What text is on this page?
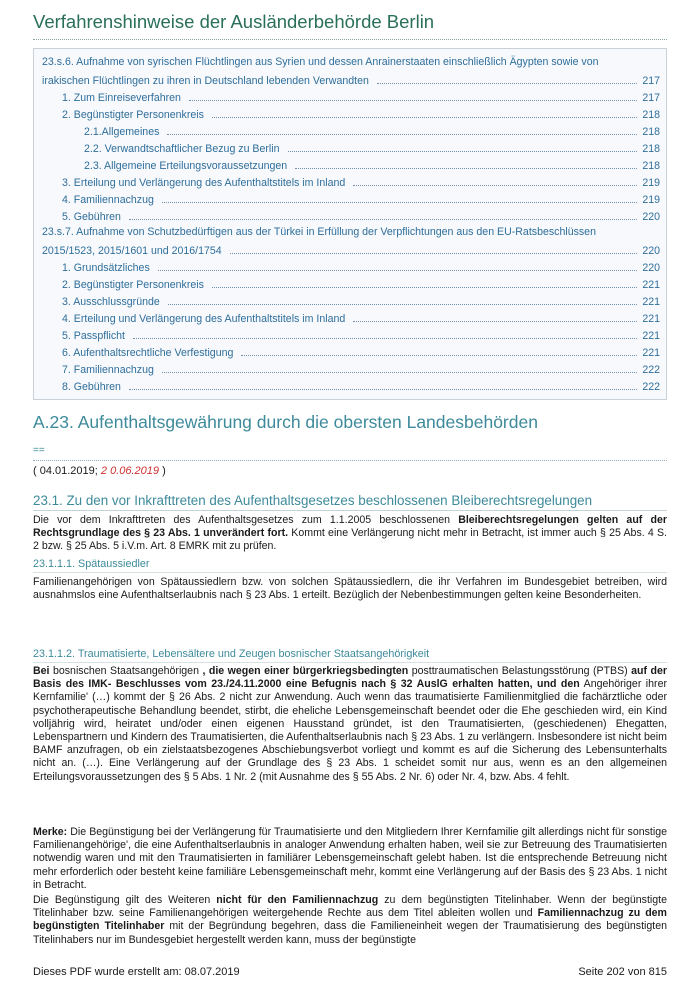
Verfahrenshinweise der Ausländerbehörde Berlin
23.s.6. Aufnahme von syrischen Flüchtlingen aus Syrien und dessen Anrainerstaaten einschließlich Ägypten sowie von
irakischen Flüchtlingen zu ihren in Deutschland lebenden Verwandten	217
1. Zum Einreiseverfahren	217
2. Begünstigter Personenkreis	218
2.1.Allgemeines	218
2.2. Verwandtschaftlicher Bezug zu Berlin	218
2.3. Allgemeine Erteilungsvoraussetzungen	218
3. Erteilung und Verlängerung des Aufenthaltstitels im Inland	219
4. Familiennachzug	219
5. Gebühren	220
23.s.7. Aufnahme von Schutzbedürftigen aus der Türkei in Erfüllung der Verpflichtungen aus den EU-Ratsbeschlüssen
2015/1523, 2015/1601 und 2016/1754	220
1. Grundsätzliches	220
2. Begünstigter Personenkreis	221
3. Ausschlussgründe	221
4. Erteilung und Verlängerung des Aufenthaltstitels im Inland	221
5. Passpflicht	221
6. Aufenthaltsrechtliche Verfestigung	221
7. Familiennachzug	222
8. Gebühren	222
A.23. Aufenthaltsgewährung durch die obersten Landesbehörden
==
( 04.01.2019; 2 0.06.2019 )
23.1. Zu den vor Inkrafttreten des Aufenthaltsgesetzes beschlossenen Bleiberechtsregelungen
Die vor dem Inkrafttreten des Aufenthaltsgesetzes zum 1.1.2005 beschlossenen Bleiberechtsregelungen gelten auf der Rechtsgrundlage des § 23 Abs. 1 unverändert fort. Kommt eine Verlängerung nicht mehr in Betracht, ist immer auch § 25 Abs. 4 S. 2 bzw. § 25 Abs. 5 i.V.m. Art. 8 EMRK mit zu prüfen.
23.1.1.1. Spätaussiedler
Familienangehörigen von Spätaussiedlern bzw. von solchen Spätaussiedlern, die ihr Verfahren im Bundesgebiet betreiben, wird ausnahmslos eine Aufenthaltserlaubnis nach § 23 Abs. 1 erteilt. Bezüglich der Nebenbestimmungen gelten keine Besonderheiten.
23.1.1.2. Traumatisierte, Lebensältere und Zeugen bosnischer Staatsangehörigkeit
Bei bosnischen Staatsangehörigen , die wegen einer bürgerkriegsbedingten posttraumatischen Belastungsstörung (PTBS) auf der Basis des IMK- Beschlusses vom 23./24.11.2000 eine Befugnis nach § 32 AuslG erhalten hatten, und den Angehöriger ihrer Kernfamilie' (…) kommt der § 26 Abs. 2 nicht zur Anwendung. Auch wenn das traumatisierte Familienmitglied die fachärztliche oder psychotherapeutische Behandlung beendet, stirbt, die eheliche Lebensgemeinschaft beendet oder die Ehe geschieden wird, ein Kind volljährig wird, heiratet und/oder einen eigenen Hausstand gründet, ist den Traumatisierten, (geschiedenen) Ehegatten, Lebenspartnern und Kindern des Traumatisierten, die Aufenthaltserlaubnis nach § 23 Abs. 1 zu verlängern. Insbesondere ist nicht beim BAMF anzufragen, ob ein zielstaatsbezogenes Abschiebungsverbot vorliegt und kommt es auf die Sicherung des Lebensunterhalts nicht an. (…). Eine Verlängerung auf der Grundlage des § 23 Abs. 1 scheidet somit nur aus, wenn es an den allgemeinen Erteilungsvoraussetzungen des § 5 Abs. 1 Nr. 2 (mit Ausnahme des § 55 Abs. 2 Nr. 6) oder Nr. 4, bzw. Abs. 4 fehlt.
Merke: Die Begünstigung bei der Verlängerung für Traumatisierte und den Mitgliedern Ihrer Kernfamilie gilt allerdings nicht für sonstige Familienangehörige', die eine Aufenthaltserlaubnis in analoger Anwendung erhalten haben, weil sie zur Betreuung des Traumatisierten notwendig waren und mit den Traumatisierten in familiärer Lebensgemeinschaft gelebt haben. Ist die entsprechende Betreuung nicht mehr erforderlich oder besteht keine familiäre Lebensgemeinschaft mehr, kommt eine Verlängerung auf der Basis des § 23 Abs. 1 nicht in Betracht.
Die Begünstigung gilt des Weiteren nicht für den Familiennachzug zu dem begünstigten Titelinhaber. Wenn der begünstigte Titelinhaber bzw. seine Familienangehörigen weitergehende Rechte aus dem Titel ableiten wollen und Familiennachzug zu dem begünstigten Titelinhaber mit der Begründung begehren, dass die Familieneinheit wegen der Traumatisierung des begünstigten Titelinhabers nur im Bundesgebiet hergestellt werden kann, muss der begünstigte
Dieses PDF wurde erstellt am: 08.07.2019	Seite 202 von 815
